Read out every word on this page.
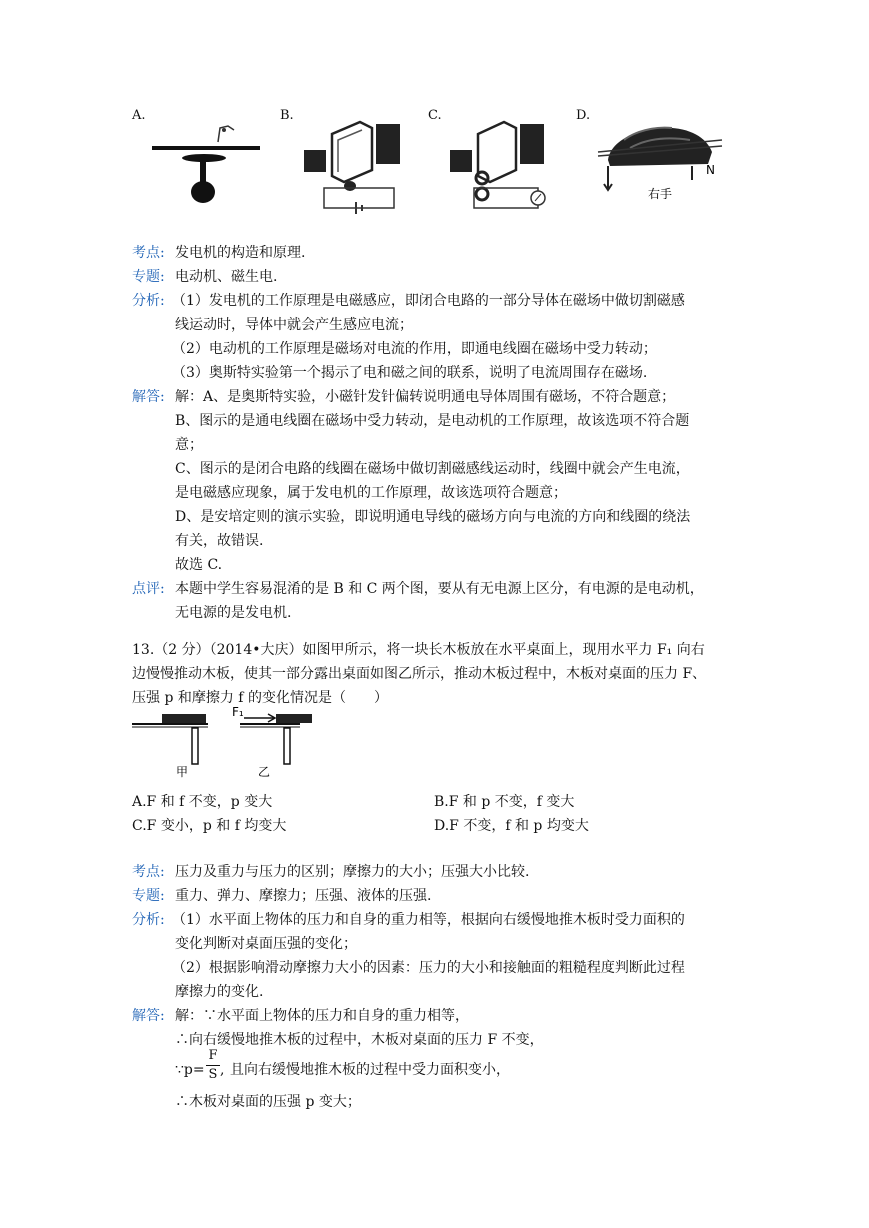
A.	B.	C.	D.
右手
N
考点: 发电机的构造和原理.
专题: 电动机、磁生电.
分析: （1）发电机的工作原理是电磁感应，即闭合电路的一部分导体在磁场中做切割磁感
线运动时，导体中就会产生感应电流；
（2）电动机的工作原理是磁场对电流的作用，即通电线圈在磁场中受力转动；
（3）奥斯特实验第一个揭示了电和磁之间的联系，说明了电流周围存在磁场.
解答: 解：A、是奥斯特实验，小磁针发针偏转说明通电导体周围有磁场，不符合题意；
B、图示的是通电线圈在磁场中受力转动，是电动机的工作原理，故该选项不符合题
意；
C、图示的是闭合电路的线圈在磁场中做切割磁感线运动时，线圈中就会产生电流，
是电磁感应现象，属于发电机的工作原理，故该选项符合题意；
D、是安培定则的演示实验，即说明通电导线的磁场方向与电流的方向和线圈的绕法
有关，故错误.
故选 C.
点评: 本题中学生容易混淆的是 B 和 C 两个图，要从有无电源上区分，有电源的是电动机，
无电源的是发电机.
13.（2 分）（2014•大庆）如图甲所示，将一块长木板放在水平桌面上，现用水平力 F₁ 向右
边慢慢推动木板，使其一部分露出桌面如图乙所示，推动木板过程中，木板对桌面的压力 F、
压强 p 和摩擦力 f 的变化情况是（　　）
F₁
甲	乙
A.F 和 f 不变，p 变大	B.F 和 p 不变，f 变大
C.F 变小，p 和 f 均变大	D.F 不变，f 和 p 均变大
考点: 压力及重力与压力的区别；摩擦力的大小；压强大小比较.
专题: 重力、弹力、摩擦力；压强、液体的压强.
分析: （1）水平面上物体的压力和自身的重力相等，根据向右缓慢地推木板时受力面积的
变化判断对桌面压强的变化；
（2）根据影响滑动摩擦力大小的因素：压力的大小和接触面的粗糙程度判断此过程
摩擦力的变化.
解答: 解：∵水平面上物体的压力和自身的重力相等，
∴向右缓慢地推木板的过程中，木板对桌面的压力 F 不变，
∵p= $\frac{F}{S}$ , 且向右缓慢地推木板的过程中受力面积变小，
∴木板对桌面的压强 p 变大；
